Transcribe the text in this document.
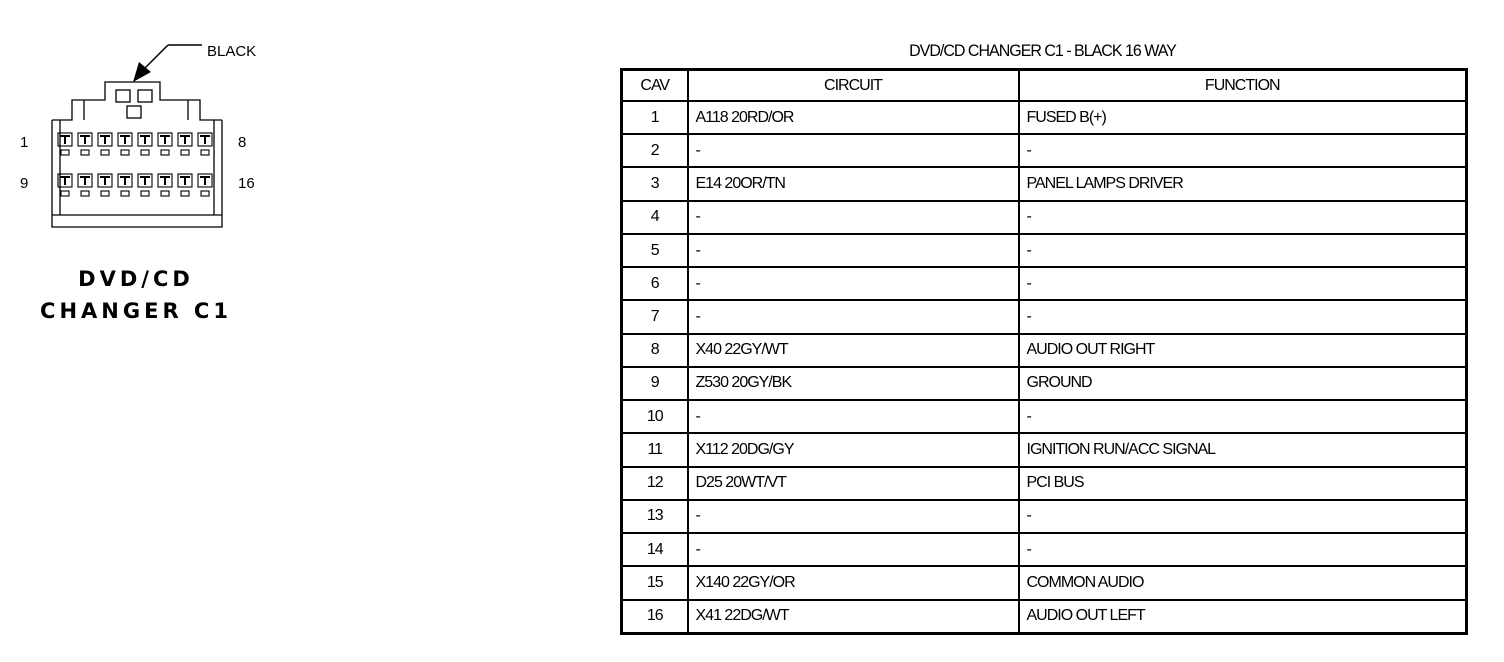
BLACK
1	8
9	16
DVD/CD
CHANGER C1
DVD/CD CHANGER C1 - BLACK 16 WAY
CAV	CIRCUIT	FUNCTION
1	A118 20RD/OR	FUSED B(+)
2	-	-
3	E14 20OR/TN	PANEL LAMPS DRIVER
4	-	-
5	-	-
6	-	-
7	-	-
8	X40 22GY/WT	AUDIO OUT RIGHT
9	Z530 20GY/BK	GROUND
10	-	-
11	X112 20DG/GY	IGNITION RUN/ACC SIGNAL
12	D25 20WT/VT	PCI BUS
13	-	-
14	-	-
15	X140 22GY/OR	COMMON AUDIO
16	X41 22DG/WT	AUDIO OUT LEFT
